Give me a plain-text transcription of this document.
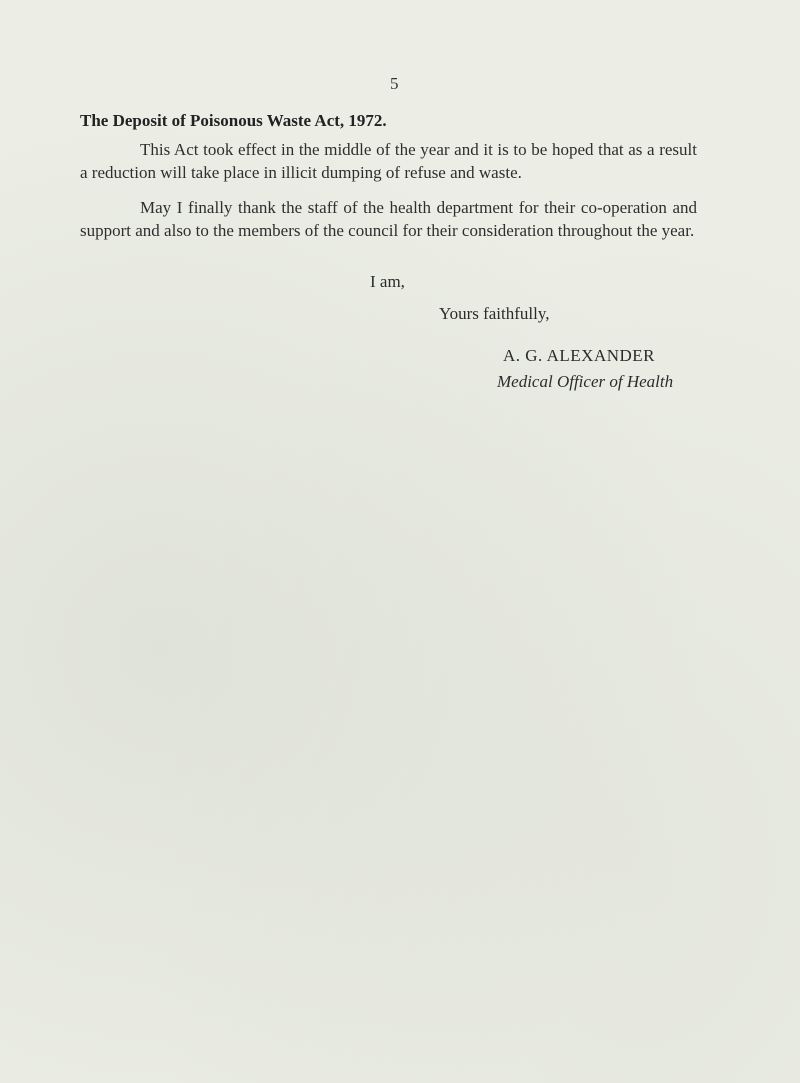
5
The Deposit of Poisonous Waste Act, 1972.
This Act took effect in the middle of the year and it is to be hoped that as a result a reduction will take place in illicit dumping of refuse and waste.
May I finally thank the staff of the health department for their co-operation and support and also to the members of the council for their consideration throughout the year.
I am,
Yours faithfully,
A. G. ALEXANDER
Medical Officer of Health
